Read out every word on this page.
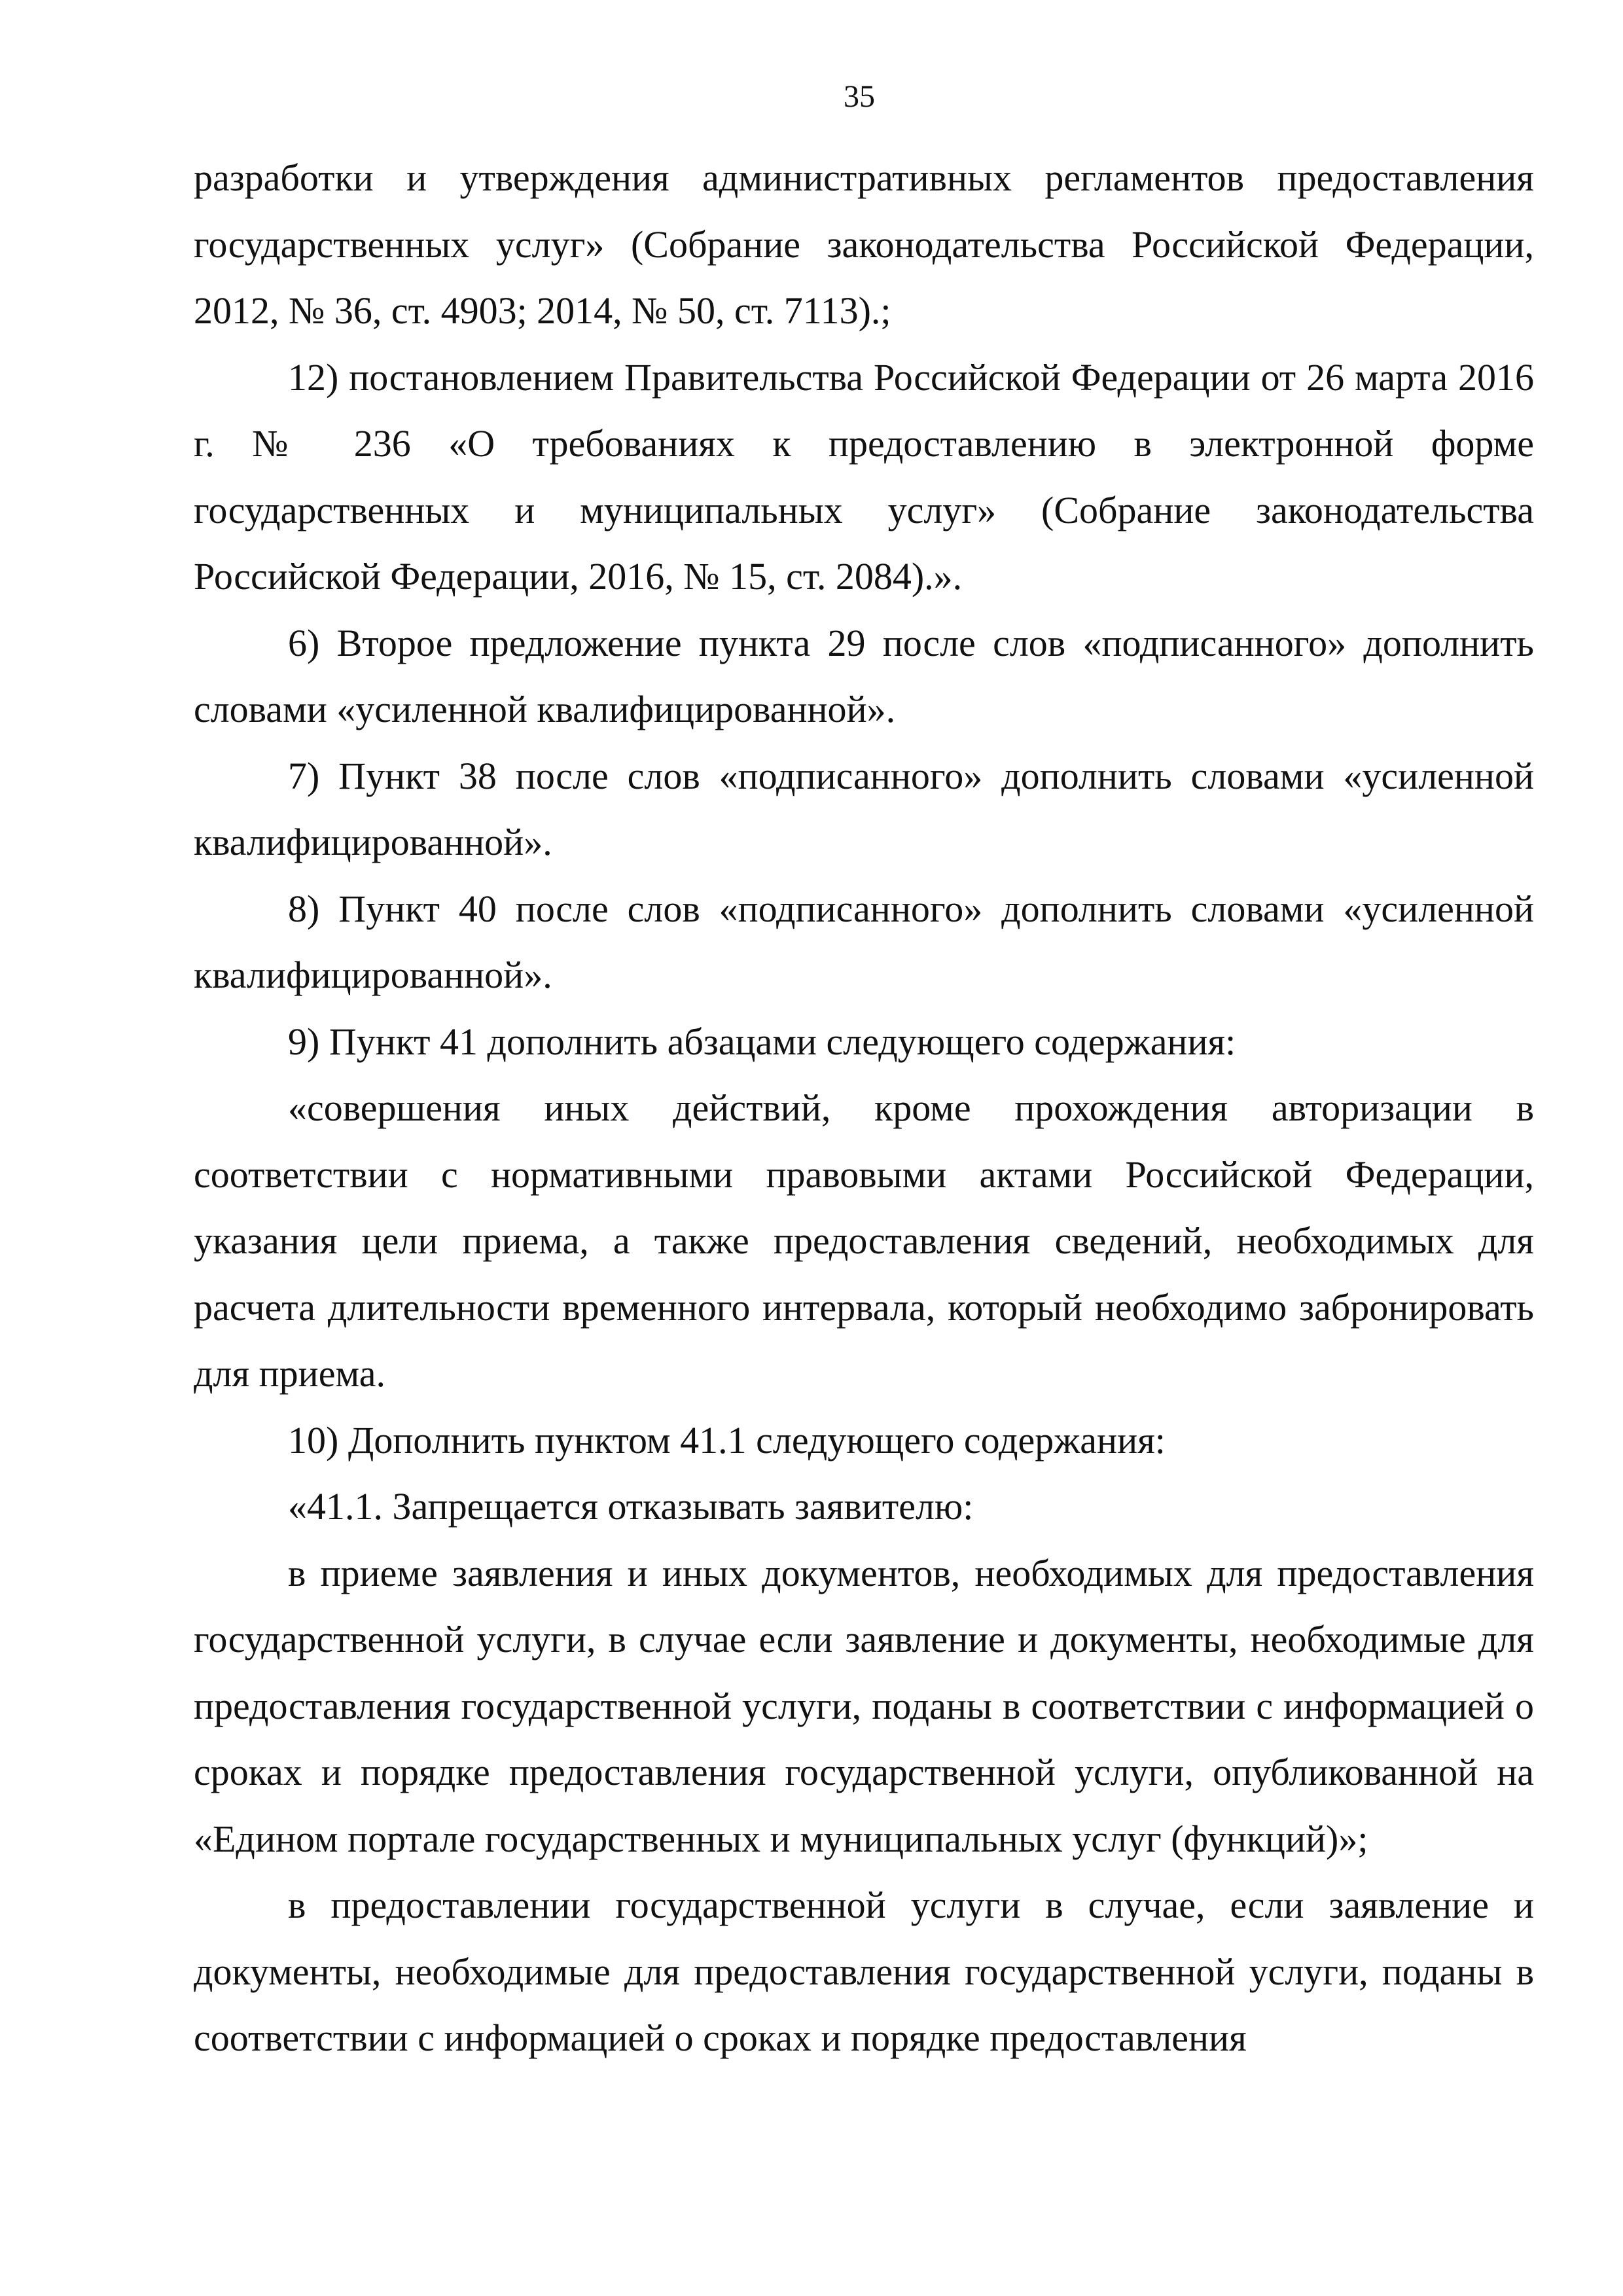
35

разработки и утверждения административных регламентов предоставления государственных услуг» (Собрание законодательства Российской Федерации, 2012, № 36, ст. 4903; 2014, № 50, ст. 7113).;

12) постановлением Правительства Российской Федерации от 26 марта 2016 г. № 236 «О требованиях к предоставлению в электронной форме государственных и муниципальных услуг» (Собрание законодательства Российской Федерации, 2016, № 15, ст. 2084).».

6) Второе предложение пункта 29 после слов «подписанного» дополнить словами «усиленной квалифицированной».

7) Пункт 38 после слов «подписанного» дополнить словами «усиленной квалифицированной».

8) Пункт 40 после слов «подписанного» дополнить словами «усиленной квалифицированной».

9) Пункт 41 дополнить абзацами следующего содержания:

«совершения иных действий, кроме прохождения авторизации в соответствии с нормативными правовыми актами Российской Федерации, указания цели приема, а также предоставления сведений, необходимых для расчета длительности временного интервала, который необходимо забронировать для приема.

10) Дополнить пунктом 41.1 следующего содержания:

«41.1. Запрещается отказывать заявителю:

в приеме заявления и иных документов, необходимых для предоставления государственной услуги, в случае если заявление и документы, необходимые для предоставления государственной услуги, поданы в соответствии с информацией о сроках и порядке предоставления государственной услуги, опубликованной на «Едином портале государственных и муниципальных услуг (функций)»;

в предоставлении государственной услуги в случае, если заявление и документы, необходимые для предоставления государственной услуги, поданы в соответствии с информацией о сроках и порядке предоставления
